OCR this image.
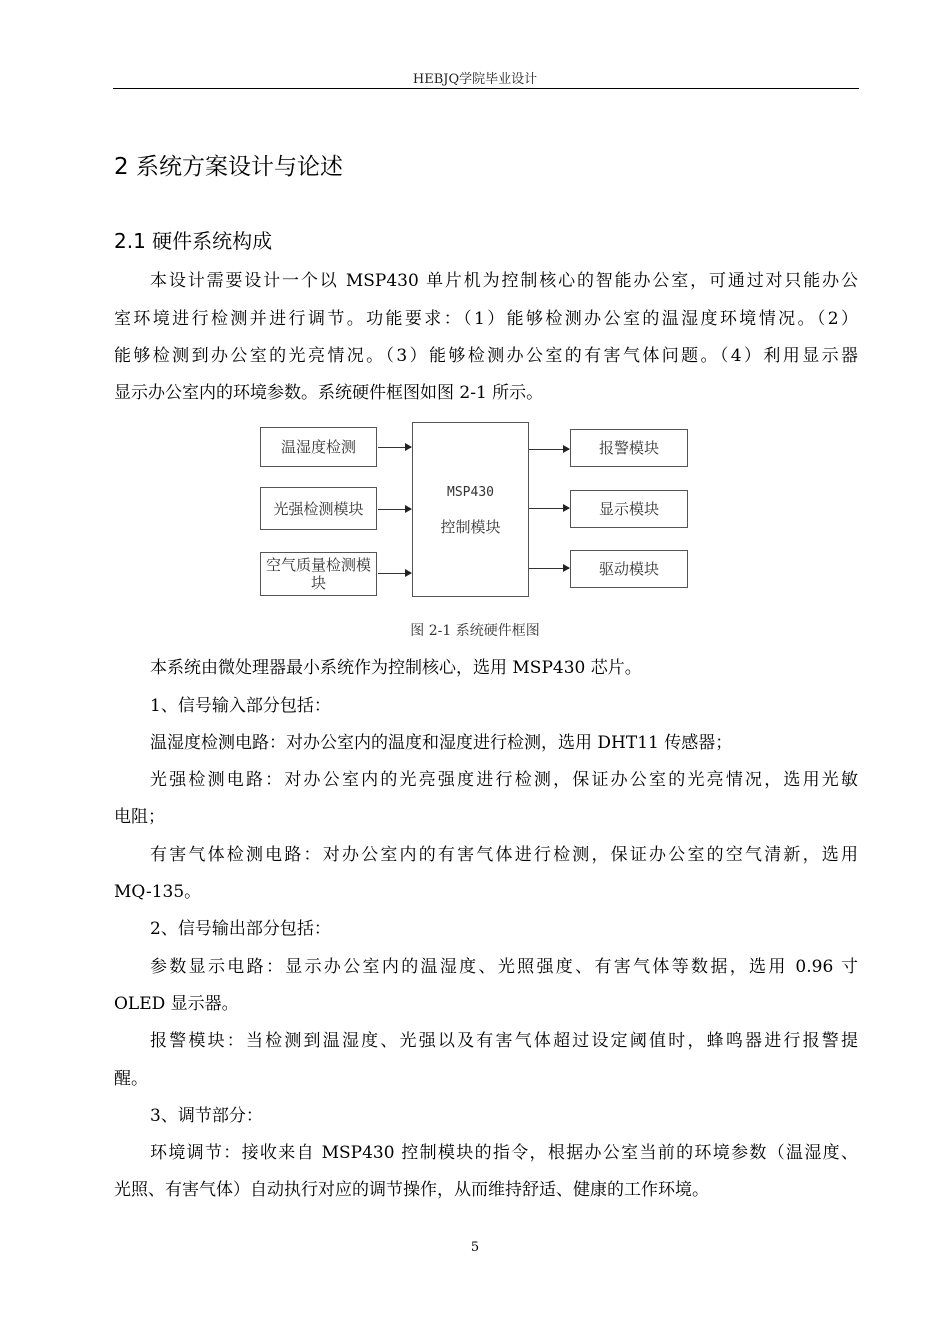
HEBJQ学院毕业设计
2 系统方案设计与论述
2.1 硬件系统构成
本设计需要设计一个以 MSP430 单片机为控制核心的智能办公室，可通过对只能办公
室环境进行检测并进行调节。功能要求：（1）能够检测办公室的温湿度环境情况。（2）
能够检测到办公室的光亮情况。（3）能够检测办公室的有害气体问题。（4）利用显示器
显示办公室内的环境参数。系统硬件框图如图 2-1 所示。
温湿度检测
光强检测模块
空气质量检测模块
MSP430
控制模块
报警模块
显示模块
驱动模块
图 2-1 系统硬件框图
本系统由微处理器最小系统作为控制核心，选用 MSP430 芯片。
1、信号输入部分包括：
温湿度检测电路：对办公室内的温度和湿度进行检测，选用 DHT11 传感器；
光强检测电路：对办公室内的光亮强度进行检测，保证办公室的光亮情况，选用光敏
电阻；
有害气体检测电路：对办公室内的有害气体进行检测，保证办公室的空气清新，选用
MQ-135。
2、信号输出部分包括：
参数显示电路：显示办公室内的温湿度、光照强度、有害气体等数据，选用 0.96 寸
OLED 显示器。
报警模块：当检测到温湿度、光强以及有害气体超过设定阈值时，蜂鸣器进行报警提
醒。
3、调节部分：
环境调节：接收来自 MSP430 控制模块的指令，根据办公室当前的环境参数（温湿度、
光照、有害气体）自动执行对应的调节操作，从而维持舒适、健康的工作环境。
5
